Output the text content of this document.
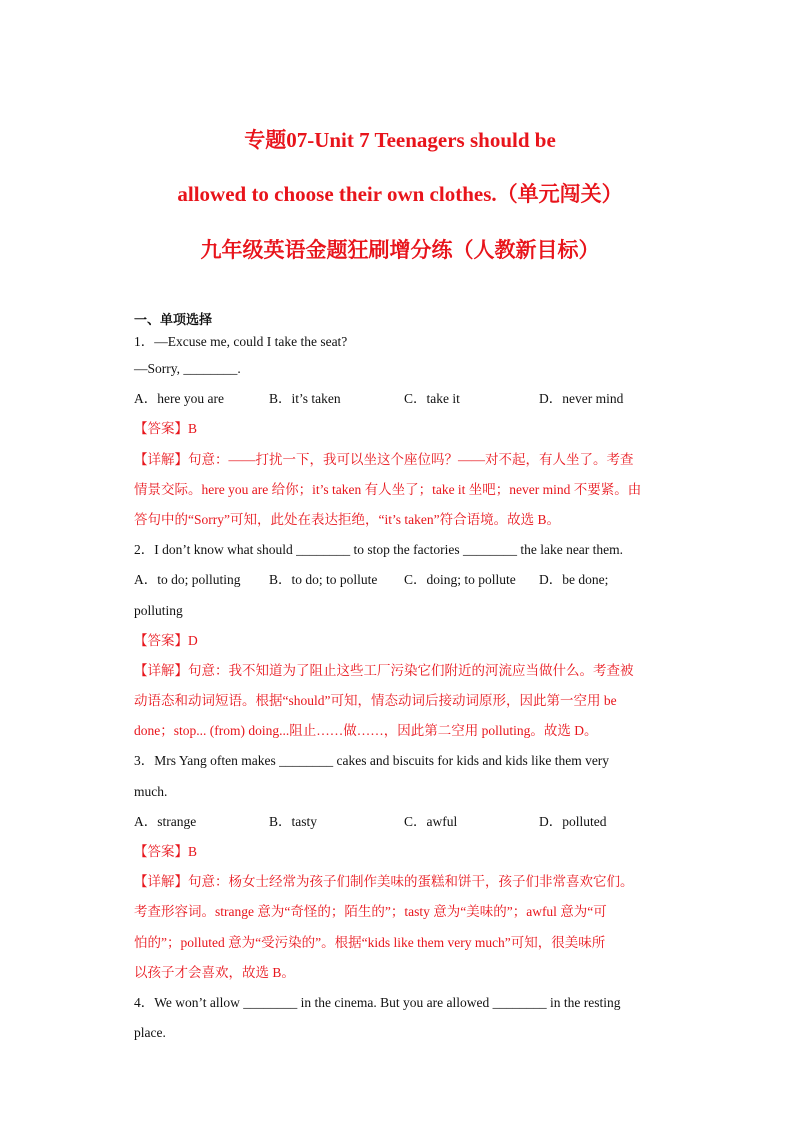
专题07-Unit 7 Teenagers should be
allowed to choose their own clothes.（单元闯关）
九年级英语金题狂刷增分练（人教新目标）
一、单项选择
1．—Excuse me, could I take the seat?
—Sorry, ________.
A．here you are	B．it’s taken	C．take it	D．never mind
【答案】B
【详解】句意：——打扰一下，我可以坐这个座位吗？——对不起，有人坐了。考查
情景交际。here you are 给你；it’s taken 有人坐了；take it 坐吧；never mind 不要紧。由
答句中的“Sorry”可知，此处在表达拒绝，“it’s taken”符合语境。故选 B。
2．I don’t know what should ________ to stop the factories ________ the lake near them.
A．to do; polluting	B．to do; to pollute	C．doing; to pollute	D．be done;
polluting
【答案】D
【详解】句意：我不知道为了阻止这些工厂污染它们附近的河流应当做什么。考查被
动语态和动词短语。根据“should”可知，情态动词后接动词原形，因此第一空用 be
done；stop... (from) doing...阻止……做……，因此第二空用 polluting。故选 D。
3．Mrs Yang often makes ________ cakes and biscuits for kids and kids like them very
much.
A．strange	B．tasty	C．awful	D．polluted
【答案】B
【详解】句意：杨女士经常为孩子们制作美味的蛋糕和饼干，孩子们非常喜欢它们。
考查形容词。strange 意为“奇怪的；陌生的”；tasty 意为“美味的”；awful 意为“可
怕的”；polluted 意为“受污染的”。根据“kids like them very much”可知，很美味所
以孩子才会喜欢，故选 B。
4．We won’t allow ________ in the cinema. But you are allowed ________ in the resting
place.
